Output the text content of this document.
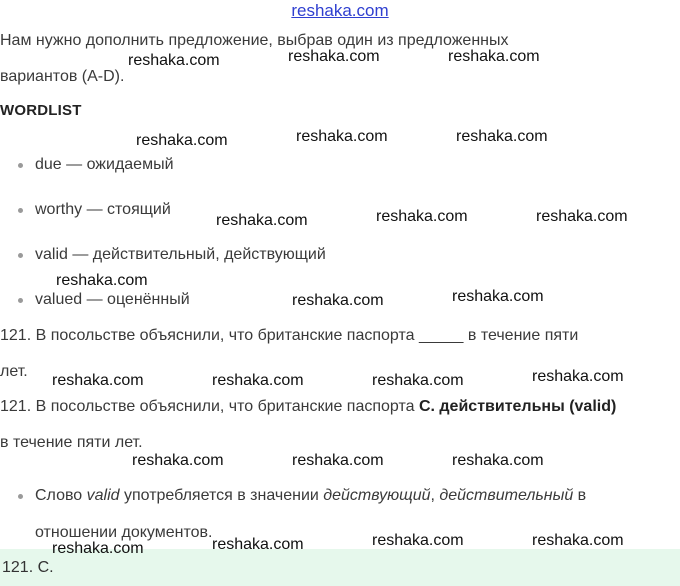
reshaka.com
Нам нужно дополнить предложение, выбрав один из предложенных
вариантов (A-D).
WORDLIST
due — ожидаемый
worthy — стоящий
valid — действительный, действующий
valued — оценённый
121. В посольстве объяснили, что британские паспорта _____ в течение пяти
лет.
121. В посольстве объяснили, что британские паспорта С. действительны (valid)
в течение пяти лет.
Слово valid употребляется в значении действующий, действительный в
отношении документов.
121. С.
reshaka.com	reshaka.com	reshaka.com
reshaka.com	reshaka.com	reshaka.com
reshaka.com	reshaka.com	reshaka.com
reshaka.com
reshaka.com	reshaka.com
reshaka.com	reshaka.com	reshaka.com	reshaka.com
reshaka.com	reshaka.com	reshaka.com
reshaka.com	reshaka.com	reshaka.com	reshaka.com
